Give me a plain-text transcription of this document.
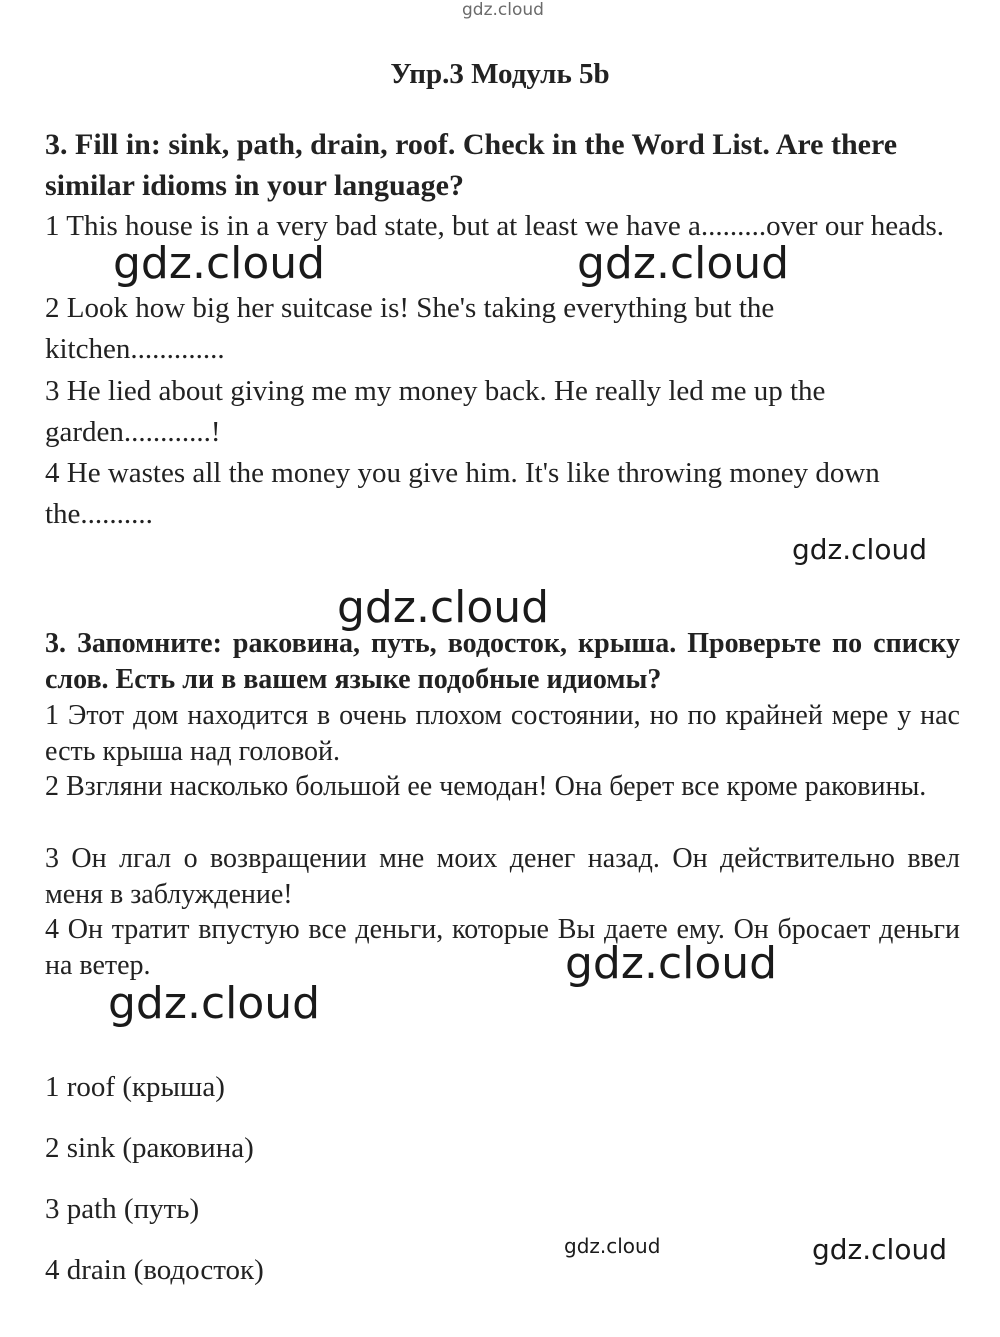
gdz.cloud
Упр.3 Модуль 5b
3. Fill in: sink, path, drain, roof. Check in the Word List. Are there similar idioms in your language?
1 This house is in a very bad state, but at least we have a.........over our heads.
2 Look how big her suitcase is! She's taking everything but the kitchen.............
3 He lied about giving me my money back. He really led me up the garden............!
4 He wastes all the money you give him. It's like throwing money down the..........
3. Запомните: раковина, путь, водосток, крыша. Проверьте по списку слов. Есть ли в вашем языке подобные идиомы?
1 Этот дом находится в очень плохом состоянии, но по крайней мере у нас есть крыша над головой.
2 Взгляни насколько большой ее чемодан! Она берет все кроме раковины.
3 Он лгал о возвращении мне моих денег назад. Он действительно ввел меня в заблуждение!
4 Он тратит впустую все деньги, которые Вы даете ему. Он бросает деньги на ветер.
1 roof (крыша)
2 sink (раковина)
3 path (путь)
4 drain (водосток)
gdz.cloud	gdz.cloud
gdz.cloud
gdz.cloud
gdz.cloud
gdz.cloud
gdz.cloud	gdz.cloud
